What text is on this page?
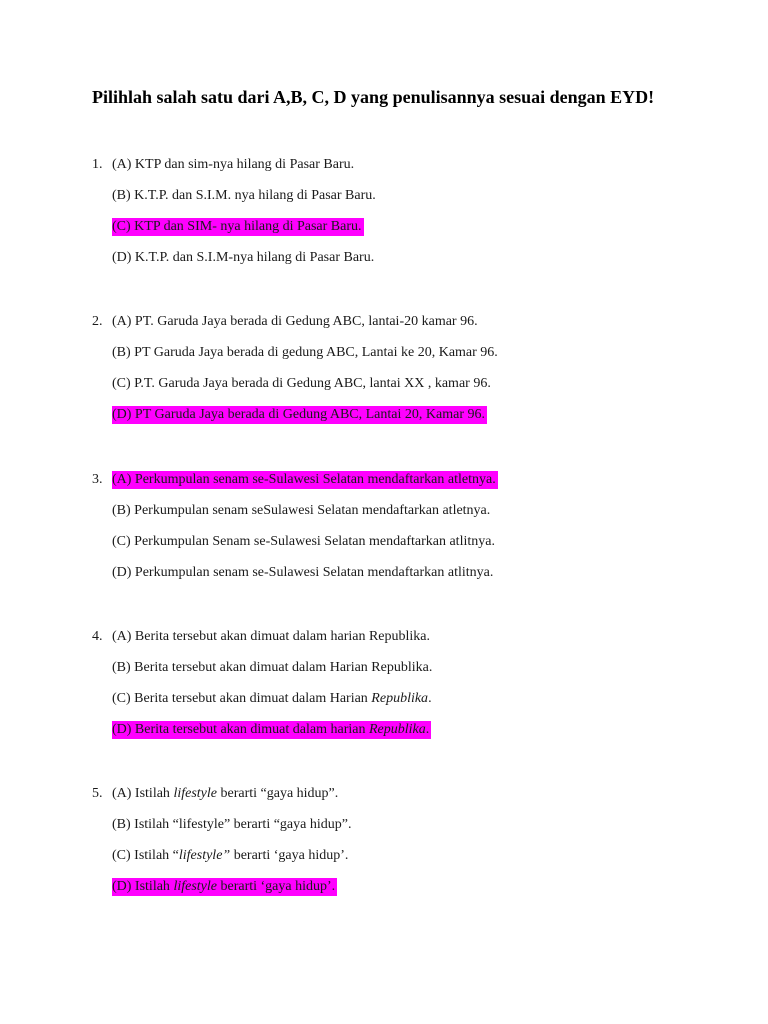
Pilihlah salah satu dari A,B, C, D yang penulisannya sesuai dengan EYD!
1. (A) KTP dan sim-nya hilang di Pasar Baru.
(B) K.T.P. dan S.I.M. nya hilang di Pasar Baru.
(C) KTP dan SIM- nya hilang di Pasar Baru.
(D) K.T.P. dan S.I.M-nya hilang di Pasar Baru.
2. (A) PT. Garuda Jaya berada di Gedung ABC, lantai-20 kamar 96.
(B) PT Garuda Jaya berada di gedung ABC, Lantai ke 20, Kamar 96.
(C) P.T. Garuda Jaya berada di Gedung ABC, lantai XX , kamar 96.
(D) PT Garuda Jaya berada di Gedung ABC, Lantai 20, Kamar 96.
3. (A) Perkumpulan senam se-Sulawesi Selatan mendaftarkan atletnya.
(B) Perkumpulan senam seSulawesi Selatan mendaftarkan atletnya.
(C) Perkumpulan Senam se-Sulawesi Selatan mendaftarkan atlitnya.
(D) Perkumpulan senam se-Sulawesi Selatan mendaftarkan atlitnya.
4. (A) Berita tersebut akan dimuat dalam harian Republika.
(B) Berita tersebut akan dimuat dalam Harian Republika.
(C) Berita tersebut akan dimuat dalam Harian Republika.
(D) Berita tersebut akan dimuat dalam harian Republika.
5. (A) Istilah lifestyle berarti “gaya hidup”.
(B) Istilah “lifestyle” berarti “gaya hidup”.
(C) Istilah “lifestyle” berarti ‘gaya hidup’.
(D) Istilah lifestyle berarti ‘gaya hidup’.
